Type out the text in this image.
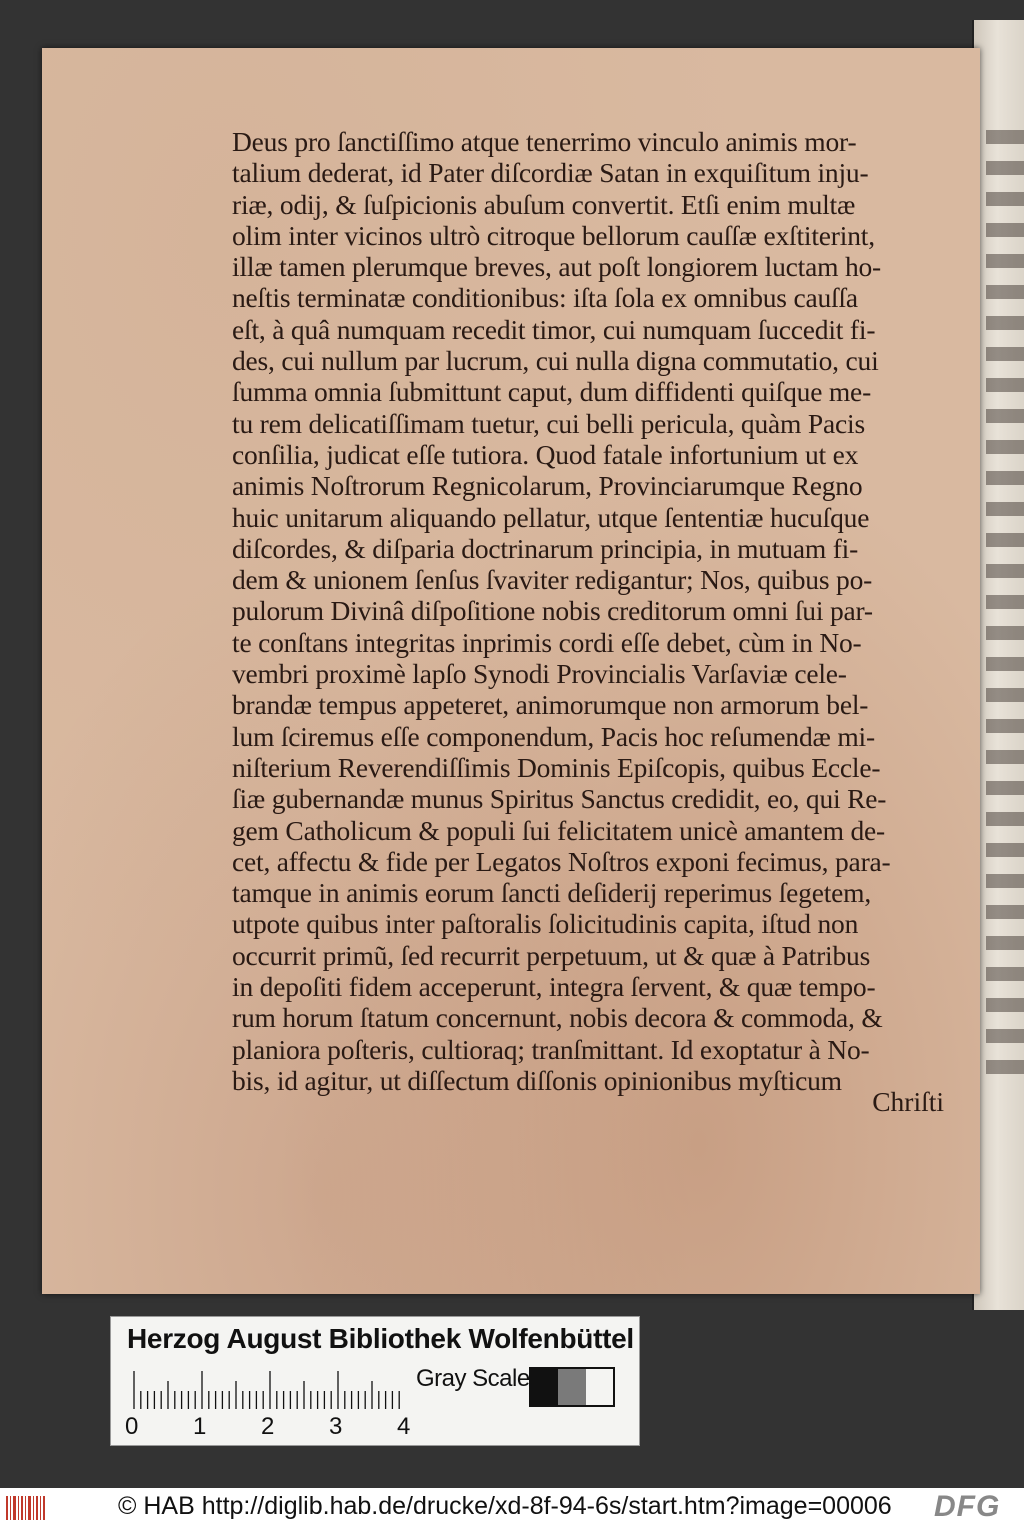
Deus pro ſanctiſſimo atque tenerrimo vinculo animis mor-
talium dederat, id Pater diſcordiæ Satan in exquiſitum inju-
riæ, odij, & ſuſpicionis abuſum convertit. Etſi enim multæ
olim inter vicinos ultrò citroque bellorum cauſſæ exſtiterint,
illæ tamen plerumque breves, aut poſt longiorem luctam ho-
neſtis terminatæ conditionibus: iſta ſola ex omnibus cauſſa
eſt, à quâ numquam recedit timor, cui numquam ſuccedit fi-
des, cui nullum par lucrum, cui nulla digna commutatio, cui
ſumma omnia ſubmittunt caput, dum diffidenti quiſque me-
tu rem delicatiſſimam tuetur, cui belli pericula, quàm Pacis
conſilia, judicat eſſe tutiora. Quod fatale infortunium ut ex
animis Noſtrorum Regnicolarum, Provinciarumque Regno
huic unitarum aliquando pellatur, utque ſententiæ hucuſque
diſcordes, & diſparia doctrinarum principia, in mutuam fi-
dem & unionem ſenſus ſvaviter redigantur; Nos, quibus po-
pulorum Divinâ diſpoſitione nobis creditorum omni ſui par-
te conſtans integritas inprimis cordi eſſe debet, cùm in No-
vembri proximè lapſo Synodi Provincialis Varſaviæ cele-
brandæ tempus appeteret, animorumque non armorum bel-
lum ſciremus eſſe componendum, Pacis hoc reſumendæ mi-
niſterium Reverendiſſimis Dominis Epiſcopis, quibus Eccle-
ſiæ gubernandæ munus Spiritus Sanctus credidit, eo, qui Re-
gem Catholicum & populi ſui felicitatem unicè amantem de-
cet, affectu & fide per Legatos Noſtros exponi fecimus, para-
tamque in animis eorum ſancti deſiderij reperimus ſegetem,
utpote quibus inter paſtoralis ſolicitudinis capita, iſtud non
occurrit primũ, ſed recurrit perpetuum, ut & quæ à Patribus
in depoſiti fidem acceperunt, integra ſervent, & quæ tempo-
rum horum ſtatum concernunt, nobis decora & commoda, &
planiora poſteris, cultioraq; tranſmittant. Id exoptatur à No-
bis, id agitur, ut diſſectum diſſonis opinionibus myſticum
Chriſti
Herzog August Bibliothek Wolfenbüttel
0 1 2 3 4
Gray Scale
© HAB http://diglib.hab.de/drucke/xd-8f-94-6s/start.htm?image=00006 DFG
